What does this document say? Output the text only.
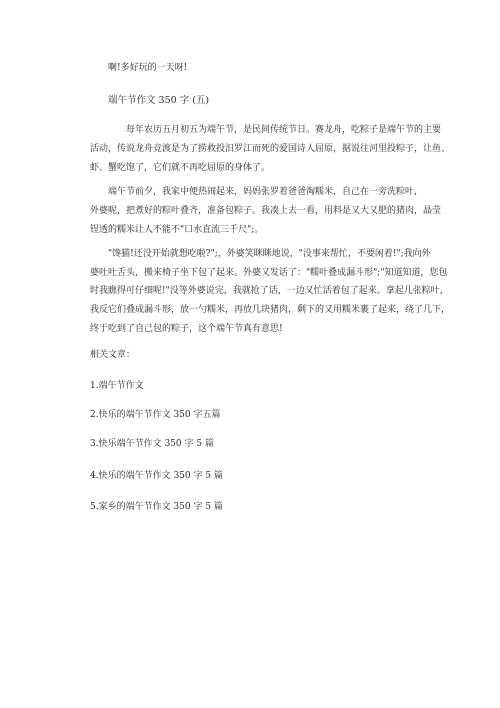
啊!多好玩的一天呀!
端午节作文 350 字 (五)
每年农历五月初五为端午节，是民间传统节日。赛龙舟，吃粽子是端午节的主要
活动，传说龙舟竞渡是为了捞救投汨罗江而死的爱国诗人屈原，据说往河里投粽子，让鱼、
虾、蟹吃饱了，它们就不再吃屈原的身体了。
端午节前夕，我家中便热闹起来，妈妈张罗着爸爸淘糯米，自己在一旁洗粽叶，
外婆呢，把煮好的粽叶叠齐，准备包粽子。我凑上去一看，用料是又大又肥的猪肉，晶莹
锃透的糯米让人不能不"口水直流三千尺";。
"馋猫!还没开始就想吃啦?";，外婆笑眯眯地说，"没事来帮忙，不要闲着!";我向外
婆吐吐舌头，搬来椅子坐下包了起来。外婆又发话了："糯叶叠成漏斗形";"知道知道，您包
时我瞧得可仔细呢!"没等外婆说完，我就抢了话，一边又忙活着包了起来。拿起几张粽叶，
我反它们叠成漏斗形，放一勺糯米，再放几块猪肉，剩下的又用糯米裹了起来，绕了几下，
终于吃到了自己包的粽子，这个端午节真有意思!
相关文章：
1.端午节作文
2.快乐的端午节作文 350 字五篇
3.快乐端午节作文 350 字 5 篇
4.快乐的端午节作文 350 字 5 篇
5.家乡的端午节作文 350 字 5 篇
